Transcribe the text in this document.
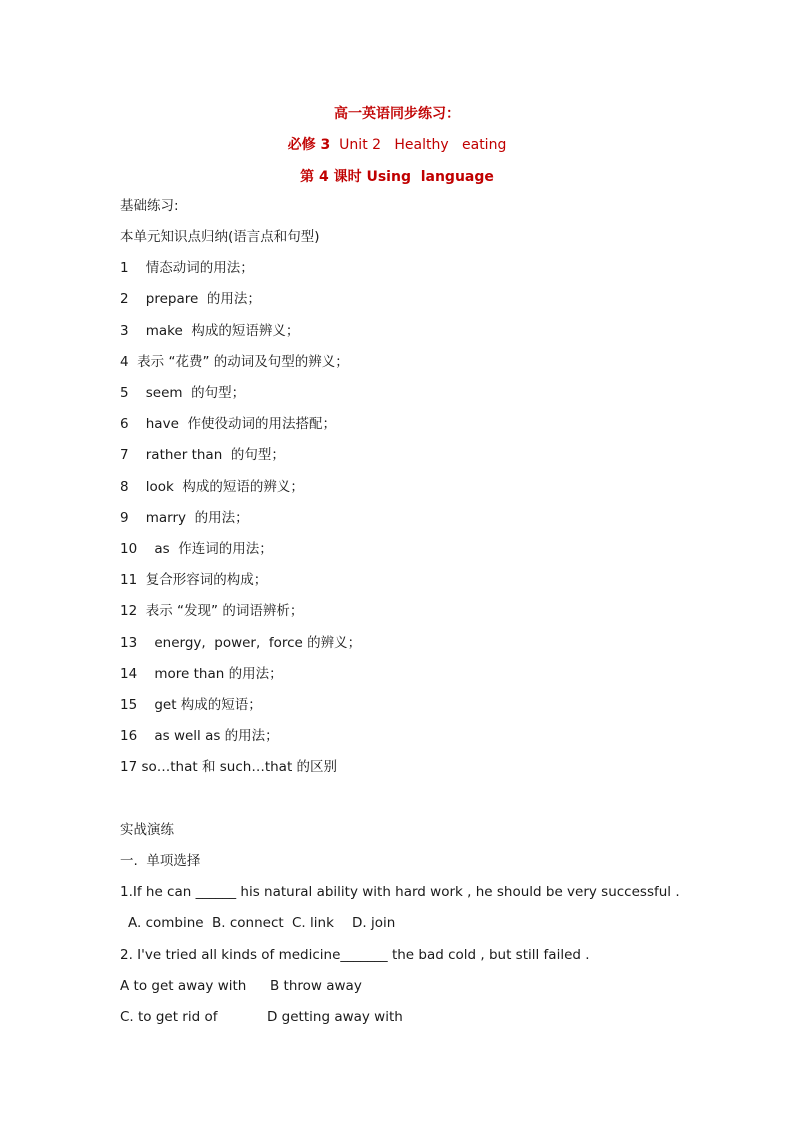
高一英语同步练习：
必修 3  Unit 2   Healthy   eating
第 4 课时 Using  language
基础练习:
本单元知识点归纳(语言点和句型)
1    情态动词的用法；
2    prepare  的用法；
3    make  构成的短语辨义；
4  表示 “花费” 的动词及句型的辨义；
5    seem  的句型；
6    have  作使役动词的用法搭配；
7    rather than  的句型；
8    look  构成的短语的辨义；
9    marry  的用法；
10    as  作连词的用法；
11  复合形容词的构成；
12  表示 “发现” 的词语辨析；
13    energy,  power,  force 的辨义；
14    more than 的用法；
15    get 构成的短语；
16    as well as 的用法；
17 so…that 和 such…that 的区别
实战演练
一.  单项选择
1.If he can ______ his natural ability with hard work , he should be very successful .
A. combine B. connect C. link D. join
2. I've tried all kinds of medicine_______ the bad cold , but still failed .
A to get away with B throw away
C. to get rid of	D getting away with
